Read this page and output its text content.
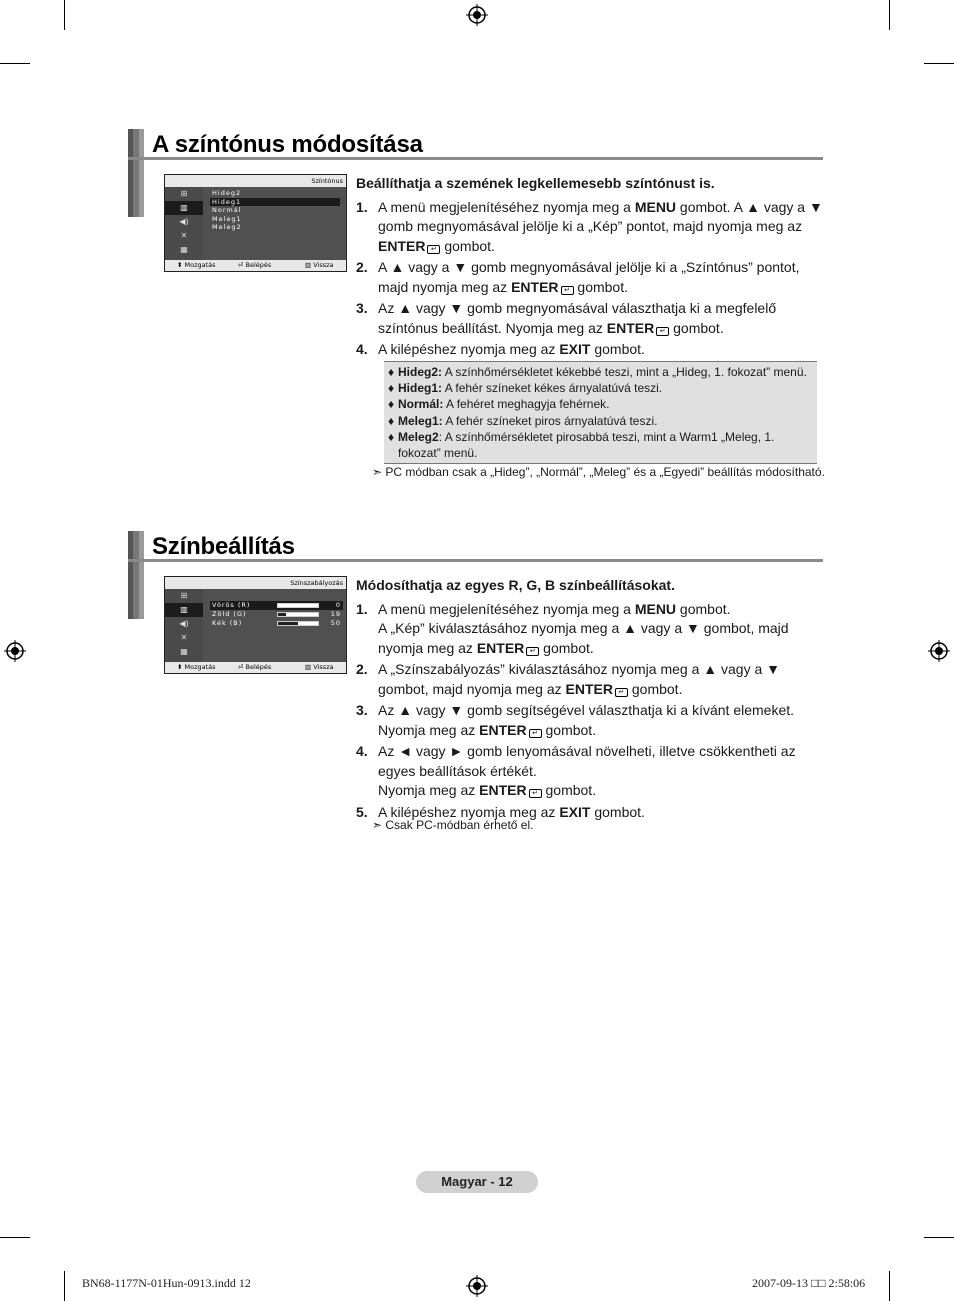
A színtónus módosítása
Színtónus
⊞
▥
◀)
✕
▦
Hideg2
Hideg1
Normál
Meleg1
Meleg2
⬍ Mozgatás	⏎ Belépés	▥ Vissza
Beállíthatja a szemének legkellemesebb színtónust is.
1. A menü megjelenítéséhez nyomja meg a MENU gombot. A ▲ vagy a ▼ gomb megnyomásával jelölje ki a „Kép” pontot, majd nyomja meg az ENTER ↵ gombot.
2. A ▲ vagy a ▼ gomb megnyomásával jelölje ki a „Színtónus” pontot, majd nyomja meg az ENTER ↵ gombot.
3. Az ▲ vagy ▼ gomb megnyomásával választhatja ki a megfelelő színtónus beállítást. Nyomja meg az ENTER ↵ gombot.
4. A kilépéshez nyomja meg az EXIT gombot.
♦ Hideg2: A színhőmérsékletet kékebbé teszi, mint a „Hideg, 1. fokozat” menü.
♦ Hideg1: A fehér színeket kékes árnyalatúvá teszi.
♦ Normál: A fehéret meghagyja fehérnek.
♦ Meleg1: A fehér színeket piros árnyalatúvá teszi.
♦ Meleg2: A színhőmérsékletet pirosabbá teszi, mint a Warm1 „Meleg, 1. fokozat” menü.
➣ PC módban csak a „Hideg”, „Normál”, „Meleg” és a „Egyedi” beállítás módosítható.
Színbeállítás
Színszabályozás
⊞
▥
◀)
✕
▦
Vörös (R)	0
Zöld (G)	19
Kék (B)	50
⬍ Mozgatás	⏎ Belépés	▥ Vissza
Módosíthatja az egyes R, G, B színbeállításokat.
1. A menü megjelenítéséhez nyomja meg a MENU gombot.
A „Kép” kiválasztásához nyomja meg a ▲ vagy a ▼ gombot, majd nyomja meg az ENTER ↵ gombot.
2. A „Színszabályozás” kiválasztásához nyomja meg a ▲ vagy a ▼ gombot, majd nyomja meg az ENTER ↵ gombot.
3. Az ▲ vagy ▼ gomb segítségével választhatja ki a kívánt elemeket. Nyomja meg az ENTER ↵ gombot.
4. Az ◄ vagy ► gomb lenyomásával növelheti, illetve csökkentheti az egyes beállítások értékét.
Nyomja meg az ENTER ↵ gombot.
5. A kilépéshez nyomja meg az EXIT gombot.
➣ Csak PC-módban érhető el.
Magyar - 12
BN68-1177N-01Hun-0913.indd 12	2007-09-13 □□ 2:58:06
